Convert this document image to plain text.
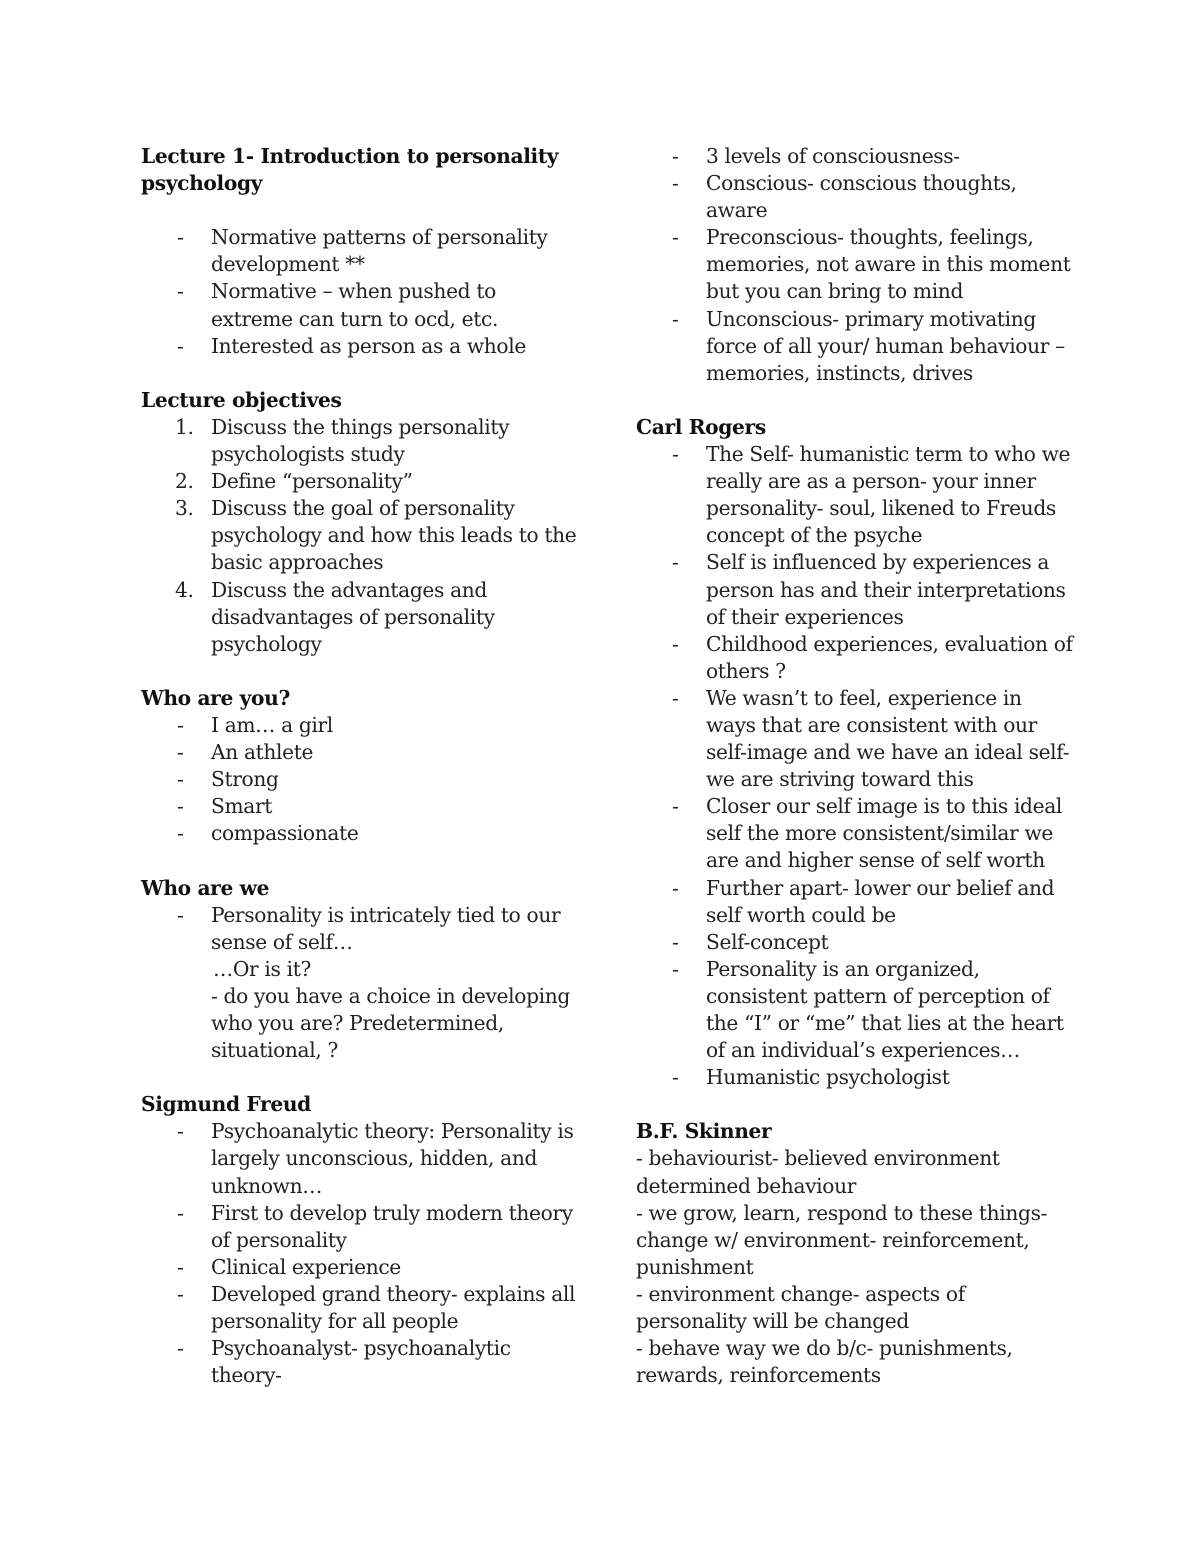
Lecture 1- Introduction to personality psychology

- Normative patterns of personality development **
- Normative – when pushed to extreme can turn to ocd, etc.
- Interested as person as a whole

Lecture objectives

1. Discuss the things personality psychologists study
2. Define “personality”
3. Discuss the goal of personality psychology and how this leads to the basic approaches
4. Discuss the advantages and disadvantages of personality psychology

Who are you?

- I am… a girl
- An athlete
- Strong
- Smart
- compassionate

Who are we

- Personality is intricately tied to our sense of self…
…Or is it?
- do you have a choice in developing who you are? Predetermined, situational, ?

Sigmund Freud

- Psychoanalytic theory: Personality is largely unconscious, hidden, and unknown…
- First to develop truly modern theory of personality
- Clinical experience
- Developed grand theory- explains all personality for all people
- Psychoanalyst- psychoanalytic theory-
- 3 levels of consciousness-
- Conscious- conscious thoughts, aware
- Preconscious- thoughts, feelings, memories, not aware in this moment but you can bring to mind
- Unconscious- primary motivating force of all your/ human behaviour – memories, instincts, drives

Carl Rogers

- The Self- humanistic term to who we really are as a person- your inner personality- soul, likened to Freuds concept of the psyche
- Self is influenced by experiences a person has and their interpretations of their experiences
- Childhood experiences, evaluation of others ?
- We wasn’t to feel, experience in ways that are consistent with our self-image and we have an ideal self- we are striving toward this
- Closer our self image is to this ideal self the more consistent/similar we are and higher sense of self worth
- Further apart- lower our belief and self worth could be
- Self-concept
- Personality is an organized, consistent pattern of perception of the “I” or “me” that lies at the heart of an individual’s experiences…
- Humanistic psychologist

B.F. Skinner

- behaviourist- believed environment determined behaviour

- we grow, learn, respond to these things- change w/ environment- reinforcement, punishment

- environment change- aspects of personality will be changed

- behave way we do b/c- punishments, rewards, reinforcements
